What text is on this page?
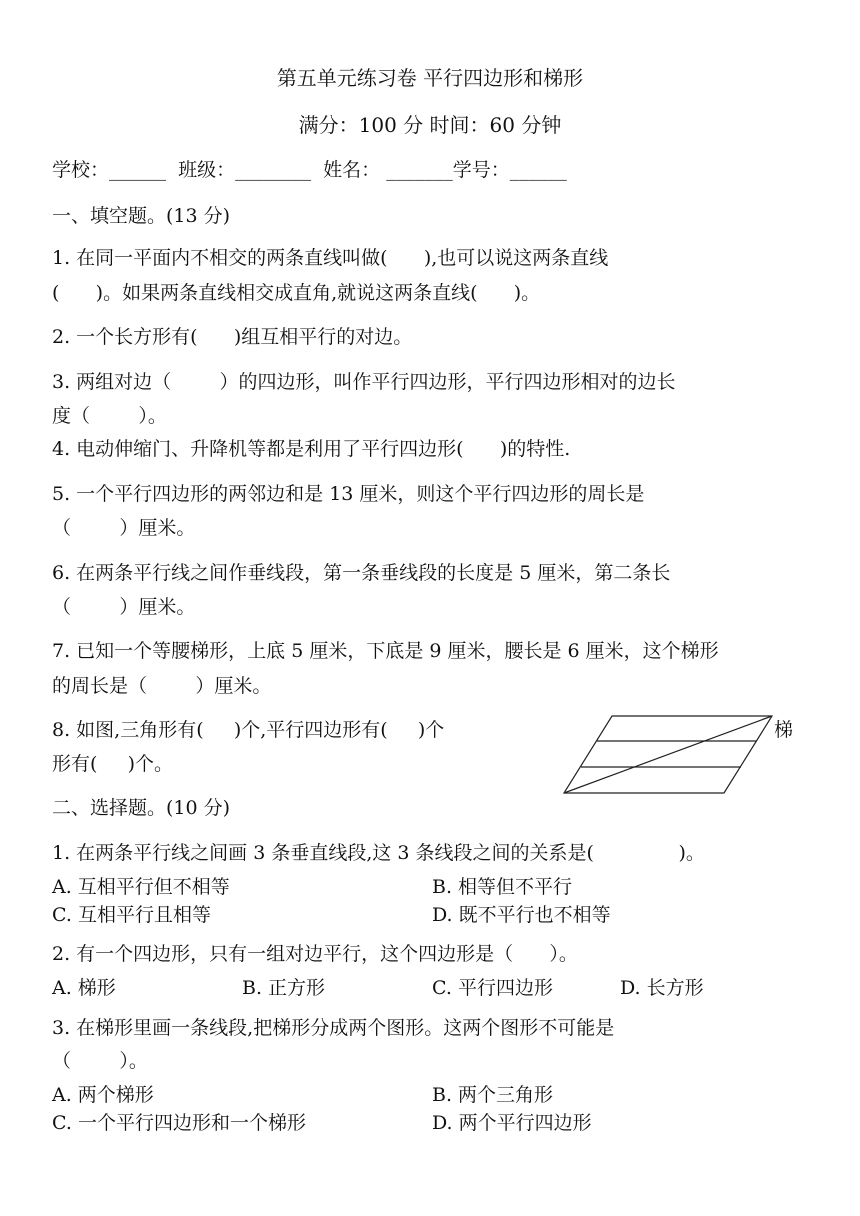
第五单元练习卷 平行四边形和梯形
满分：100 分 时间：60 分钟
学校：______  班级：________  姓名： _______学号：______
一、填空题。(13 分)
1. 在同一平面内不相交的两条直线叫做(      ),也可以说这两条直线
(      )。如果两条直线相交成直角,就说这两条直线(      )。
2. 一个长方形有(      )组互相平行的对边。
3. 两组对边（        ）的四边形，叫作平行四边形，平行四边形相对的边长
度（        ）。
4. 电动伸缩门、升降机等都是利用了平行四边形(      )的特性.
5. 一个平行四边形的两邻边和是 13 厘米，则这个平行四边形的周长是
（        ）厘米。
6. 在两条平行线之间作垂线段，第一条垂线段的长度是 5 厘米，第二条长
（        ）厘米。
7. 已知一个等腰梯形，上底 5 厘米，下底是 9 厘米，腰长是 6 厘米，这个梯形
的周长是（        ）厘米。
8. 如图,三角形有(     )个,平行四边形有(     )个	梯
形有(     )个。
二、选择题。(10 分)
1. 在两条平行线之间画 3 条垂直线段,这 3 条线段之间的关系是(              )。
A. 互相平行但不相等	B. 相等但不平行
C. 互相平行且相等	D. 既不平行也不相等
2. 有一个四边形，只有一组对边平行，这个四边形是（      ）。
A. 梯形	B. 正方形	C. 平行四边形	D. 长方形
3. 在梯形里画一条线段,把梯形分成两个图形。这两个图形不可能是
（        ）。
A. 两个梯形	B. 两个三角形
C. 一个平行四边形和一个梯形	D. 两个平行四边形
